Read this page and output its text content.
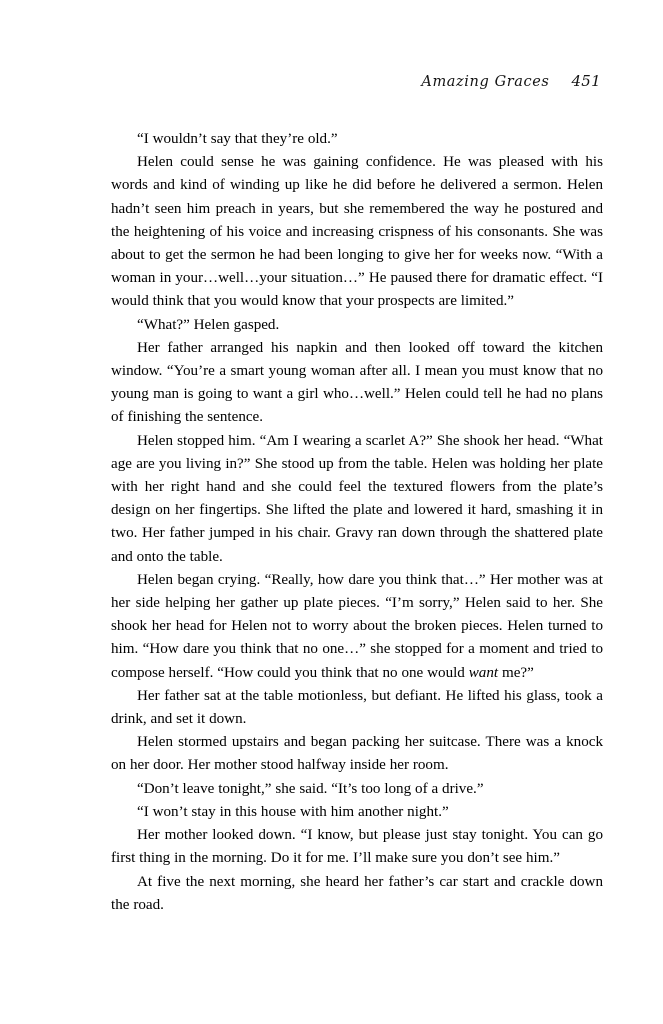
Amazing Graces 451

“I wouldn’t say that they’re old.”

Helen could sense he was gaining confidence. He was pleased with his words and kind of winding up like he did before he delivered a sermon. Helen hadn’t seen him preach in years, but she remembered the way he postured and the heightening of his voice and increasing crispness of his consonants. She was about to get the sermon he had been longing to give her for weeks now. “With a woman in your…well…your situation…” He paused there for dramatic effect. “I would think that you would know that your prospects are limited.”

“What?” Helen gasped.

Her father arranged his napkin and then looked off toward the kitchen window. “You’re a smart young woman after all. I mean you must know that no young man is going to want a girl who…well.” Helen could tell he had no plans of finishing the sentence.

Helen stopped him. “Am I wearing a scarlet A?” She shook her head. “What age are you living in?” She stood up from the table. Helen was holding her plate with her right hand and she could feel the textured flowers from the plate’s design on her fingertips. She lifted the plate and lowered it hard, smashing it in two. Her father jumped in his chair. Gravy ran down through the shattered plate and onto the table.

Helen began crying. “Really, how dare you think that…” Her mother was at her side helping her gather up plate pieces. “I’m sorry,” Helen said to her. She shook her head for Helen not to worry about the broken pieces. Helen turned to him. “How dare you think that no one…” she stopped for a moment and tried to compose herself. “How could you think that no one would want me?”

Her father sat at the table motionless, but defiant. He lifted his glass, took a drink, and set it down.

Helen stormed upstairs and began packing her suitcase. There was a knock on her door. Her mother stood halfway inside her room.

“Don’t leave tonight,” she said. “It’s too long of a drive.”

“I won’t stay in this house with him another night.”

Her mother looked down. “I know, but please just stay tonight. You can go first thing in the morning. Do it for me. I’ll make sure you don’t see him.”

At five the next morning, she heard her father’s car start and crackle down the road.
